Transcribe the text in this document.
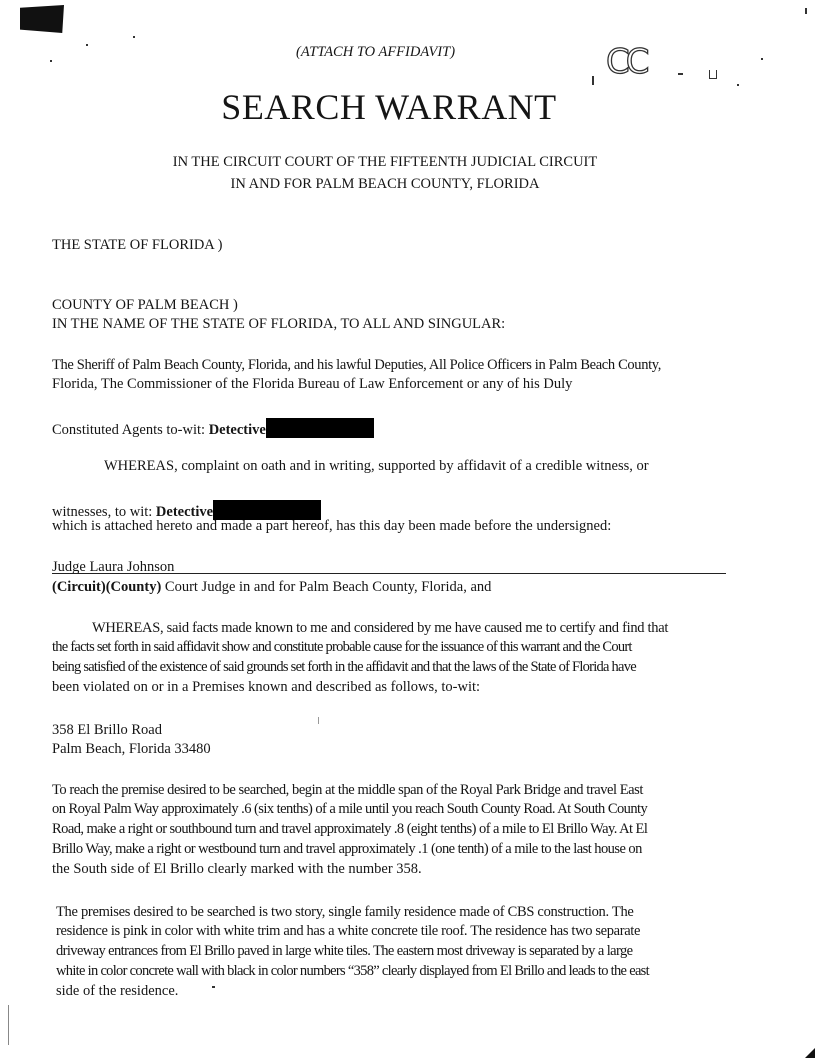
(ATTACH TO AFFIDAVIT)	CC
SEARCH WARRANT
IN THE CIRCUIT COURT OF THE FIFTEENTH JUDICIAL CIRCUIT
IN AND FOR PALM BEACH COUNTY, FLORIDA
THE STATE OF FLORIDA )
COUNTY OF PALM BEACH )
IN THE NAME OF THE STATE OF FLORIDA, TO ALL AND SINGULAR:
The Sheriff of Palm Beach County, Florida, and his lawful Deputies, All Police Officers in Palm Beach County,
Florida, The Commissioner of the Florida Bureau of Law Enforcement or any of his Duly
Constituted Agents to-wit: Detective
WHEREAS, complaint on oath and in writing, supported by affidavit of a credible witness, or
witnesses, to wit: Detective
which is attached hereto and made a part hereof, has this day been made before the undersigned:
Judge Laura Johnson
(Circuit)(County) Court Judge in and for Palm Beach County, Florida, and
WHEREAS, said facts made known to me and considered by me have caused me to certify and find that
the facts set forth in said affidavit show and constitute probable cause for the issuance of this warrant and the Court
being satisfied of the existence of said grounds set forth in the affidavit and that the laws of the State of Florida have
been violated on or in a Premises known and described as follows, to-wit:
358 El Brillo Road
Palm Beach, Florida 33480
To reach the premise desired to be searched, begin at the middle span of the Royal Park Bridge and travel East
on Royal Palm Way approximately .6 (six tenths) of a mile until you reach South County Road. At South County
Road, make a right or southbound turn and travel approximately .8 (eight tenths) of a mile to El Brillo Way. At El
Brillo Way, make a right or westbound turn and travel approximately .1 (one tenth) of a mile to the last house on
the South side of El Brillo clearly marked with the number 358.
The premises desired to be searched is two story, single family residence made of CBS construction. The
residence is pink in color with white trim and has a white concrete tile roof. The residence has two separate
driveway entrances from El Brillo paved in large white tiles. The eastern most driveway is separated by a large
white in color concrete wall with black in color numbers “358” clearly displayed from El Brillo and leads to the east
side of the residence.
